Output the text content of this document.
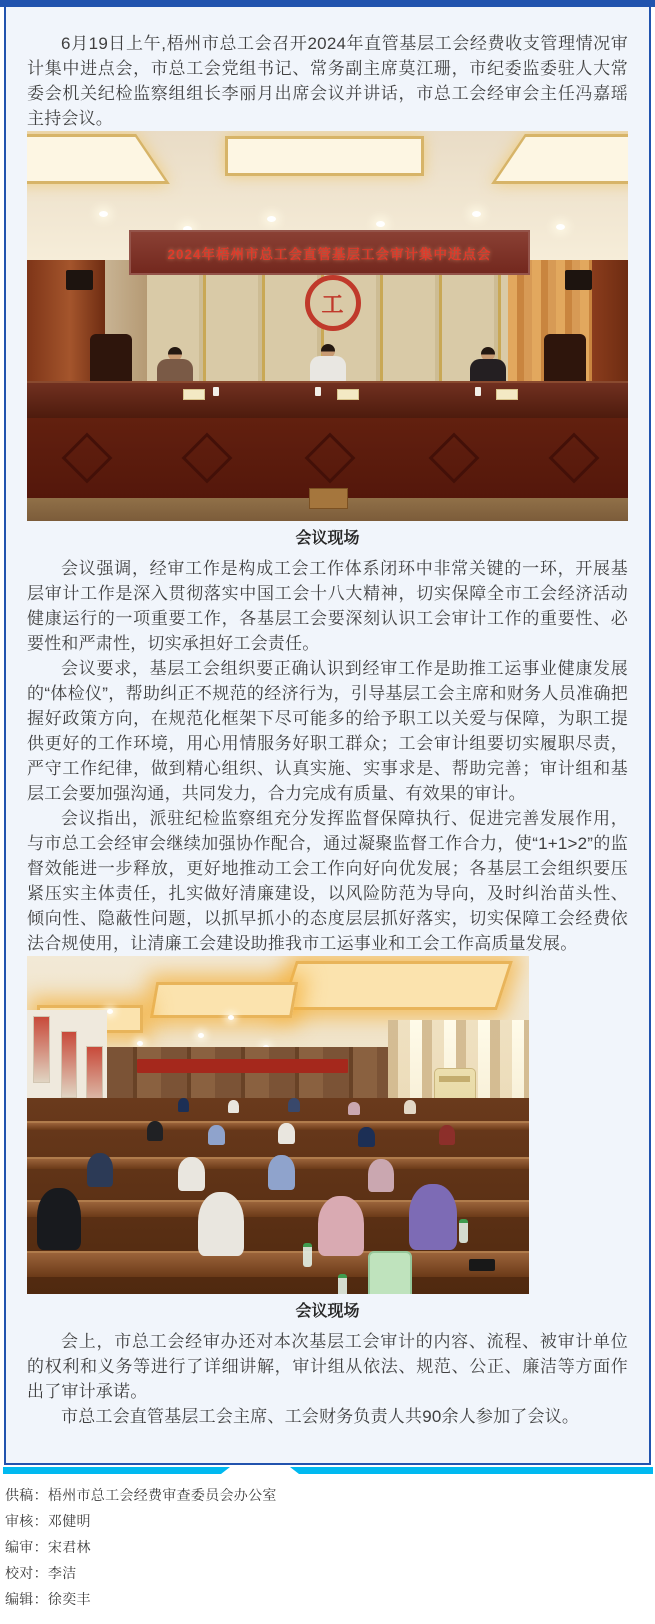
6月19日上午,梧州市总工会召开2024年直管基层工会经费收支管理情况审计集中进点会，市总工会党组书记、常务副主席莫江珊，市纪委监委驻人大常委会机关纪检监察组组长李丽月出席会议并讲话，市总工会经审会主任冯嘉瑶主持会议。

工
2024年梧州市总工会直管基层工会审计集中进点会
会议现场

会议强调，经审工作是构成工会工作体系闭环中非常关键的一环，开展基层审计工作是深入贯彻落实中国工会十八大精神，切实保障全市工会经济活动健康运行的一项重要工作，各基层工会要深刻认识工会审计工作的重要性、必要性和严肃性，切实承担好工会责任。

会议要求，基层工会组织要正确认识到经审工作是助推工运事业健康发展的“体检仪”，帮助纠正不规范的经济行为，引导基层工会主席和财务人员准确把握好政策方向，在规范化框架下尽可能多的给予职工以关爱与保障，为职工提供更好的工作环境，用心用情服务好职工群众；工会审计组要切实履职尽责，严守工作纪律，做到精心组织、认真实施、实事求是、帮助完善；审计组和基层工会要加强沟通，共同发力，合力完成有质量、有效果的审计。

会议指出，派驻纪检监察组充分发挥监督保障执行、促进完善发展作用，与市总工会经审会继续加强协作配合，通过凝聚监督工作合力，使“1+1>2”的监督效能进一步释放，更好地推动工会工作向好向优发展；各基层工会组织要压紧压实主体责任，扎实做好清廉建设，以风险防范为导向，及时纠治苗头性、倾向性、隐蔽性问题，以抓早抓小的态度层层抓好落实，切实保障工会经费依法合规使用，让清廉工会建设助推我市工运事业和工会工作高质量发展。

会议现场

会上，市总工会经审办还对本次基层工会审计的内容、流程、被审计单位的权利和义务等进行了详细讲解，审计组从依法、规范、公正、廉洁等方面作出了审计承诺。

市总工会直管基层工会主席、工会财务负责人共90余人参加了会议。

供稿：梧州市总工会经费审查委员会办公室
审核：邓健明
编审：宋君林
校对：李洁
编辑：徐奕丰
